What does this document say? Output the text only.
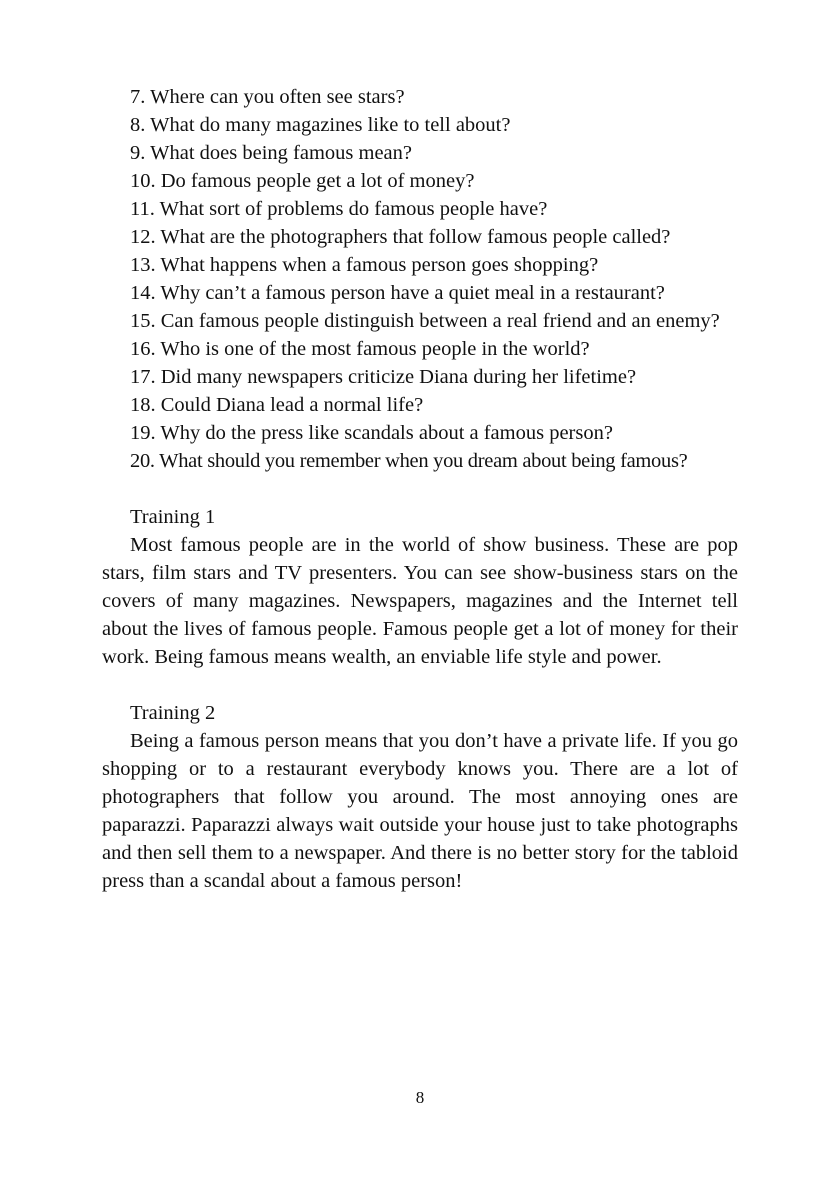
7. Where can you often see stars?

8. What do many magazines like to tell about?

9. What does being famous mean?

10. Do famous people get a lot of money?

11. What sort of problems do famous people have?

12. What are the photographers that follow famous people called?

13. What happens when a famous person goes shopping?

14. Why can’t a famous person have a quiet meal in a restaurant?

15. Can famous people distinguish between a real friend and an enemy?

16. Who is one of the most famous people in the world?

17. Did many newspapers criticize Diana during her lifetime?

18. Could Diana lead a normal life?

19. Why do the press like scandals about a famous person?

20. What should you remember when you dream about being famous?

Training 1

Most famous people are in the world of show business. These are pop stars, film stars and TV presenters. You can see show-business stars on the covers of many magazines. Newspapers, magazines and the Internet tell about the lives of famous people. Famous people get a lot of money for their work. Being famous means wealth, an enviable life style and power.

Training 2

Being a famous person means that you don’t have a private life. If you go shopping or to a restaurant everybody knows you. There are a lot of photographers that follow you around. The most annoying ones are paparazzi. Paparazzi always wait outside your house just to take photographs and then sell them to a newspaper. And there is no better story for the tabloid press than a scandal about a famous person!

8
